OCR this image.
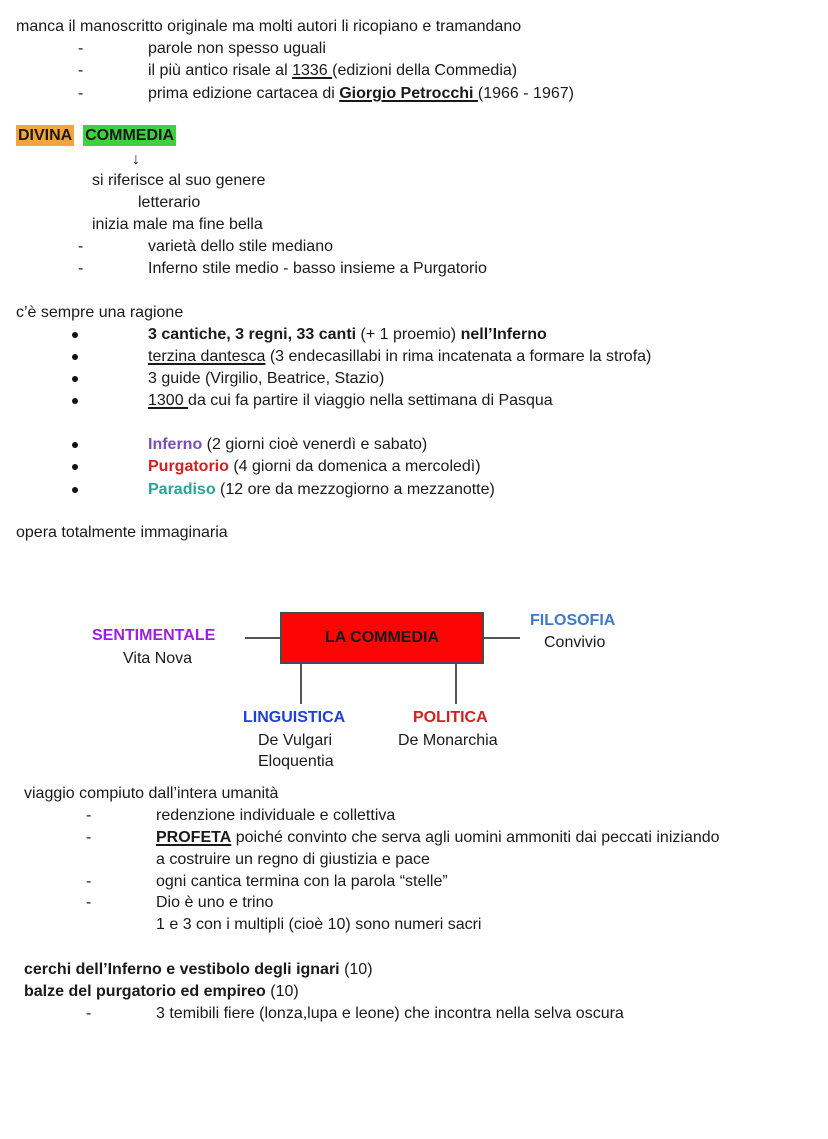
manca il manoscritto originale ma molti autori li ricopiano e tramandano
-	parole non spesso uguali
-	il più antico risale al 1336 (edizioni della Commedia)
-	prima edizione cartacea di Giorgio Petrocchi (1966 - 1967)
DIVINA COMMEDIA
↓
si riferisce al suo genere
letterario
inizia male ma fine bella
-	varietà dello stile mediano
-	Inferno stile medio - basso insieme a Purgatorio
c’è sempre una ragione
3 cantiche, 3 regni, 33 canti (+ 1 proemio) nell’Inferno
terzina dantesca (3 endecasillabi in rima incatenata a formare la strofa)
3 guide (Virgilio, Beatrice, Stazio)
1300 da cui fa partire il viaggio nella settimana di Pasqua
Inferno (2 giorni cioè venerdì e sabato)
Purgatorio (4 giorni da domenica a mercoledì)
Paradiso (12 ore da mezzogiorno a mezzanotte)
opera totalmente immaginaria
LA COMMEDIA
SENTIMENTALE
Vita Nova
FILOSOFIA
Convivio
LINGUISTICA
De Vulgari
Eloquentia
POLITICA
De Monarchia
viaggio compiuto dall’intera umanità
-	redenzione individuale e collettiva
-	PROFETA poiché convinto che serva agli uomini ammoniti dai peccati iniziando
a costruire un regno di giustizia e pace
-	ogni cantica termina con la parola “stelle”
-	Dio è uno e trino
1 e 3 con i multipli (cioè 10) sono numeri sacri
cerchi dell’Inferno e vestibolo degli ignari (10)
balze del purgatorio ed empireo (10)
-	3 temibili fiere (lonza,lupa e leone) che incontra nella selva oscura
